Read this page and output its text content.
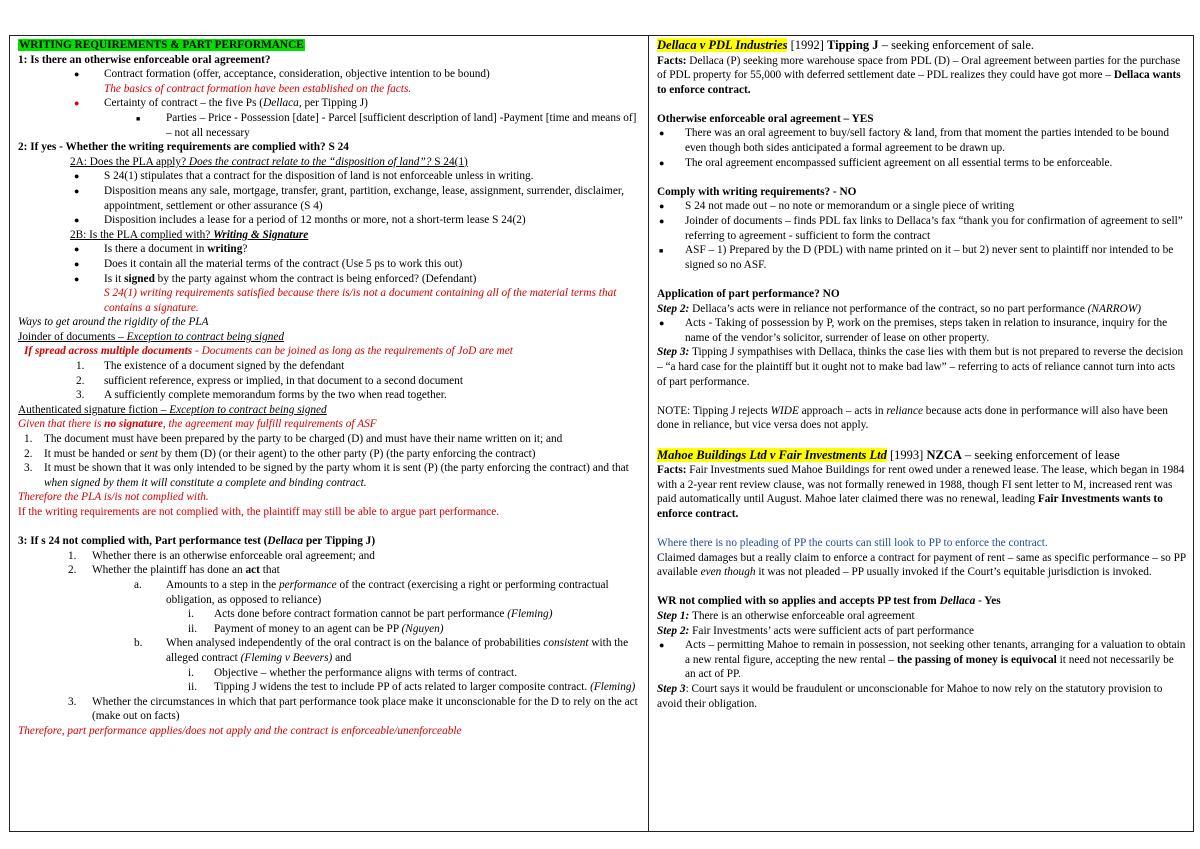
WRITING REQUIREMENTS & PART PERFORMANCE

1: Is there an otherwise enforceable oral agreement?

● Contract formation (offer, acceptance, consideration, objective intention to be bound)

The basics of contract formation have been established on the facts.

● Certainty of contract – the five Ps (Dellaca, per Tipping J)

■ Parties – Price - Possession [date] - Parcel [sufficient description of land] -Payment [time and means of] – not all necessary

2: If yes - Whether the writing requirements are complied with? S 24

2A: Does the PLA apply? Does the contract relate to the “disposition of land”? S 24(1)

● S 24(1) stipulates that a contract for the disposition of land is not enforceable unless in writing.

● Disposition means any sale, mortgage, transfer, grant, partition, exchange, lease, assignment, surrender, disclaimer, appointment, settlement or other assurance (S 4)

● Disposition includes a lease for a period of 12 months or more, not a short-term lease S 24(2)

2B: Is the PLA complied with? Writing & Signature

● Is there a document in writing?

● Does it contain all the material terms of the contract (Use 5 ps to work this out)

● Is it signed by the party against whom the contract is being enforced? (Defendant)

S 24(1) writing requirements satisfied because there is/is not a document containing all of the material terms that contains a signature.

Ways to get around the rigidity of the PLA

Joinder of documents – Exception to contract being signed

If spread across multiple documents - Documents can be joined as long as the requirements of JoD are met

1. The existence of a document signed by the defendant

2. sufficient reference, express or implied, in that document to a second document

3. A sufficiently complete memorandum forms by the two when read together.

Authenticated signature fiction – Exception to contract being signed

Given that there is no signature, the agreement may fulfill requirements of ASF

1. The document must have been prepared by the party to be charged (D) and must have their name written on it; and

2. It must be handed or sent by them (D) (or their agent) to the other party (P) (the party enforcing the contract)

3. It must be shown that it was only intended to be signed by the party whom it is sent (P) (the party enforcing the contract) and that when signed by them it will constitute a complete and binding contract.

Therefore the PLA is/is not complied with.

If the writing requirements are not complied with, the plaintiff may still be able to argue part performance.

3: If s 24 not complied with, Part performance test (Dellaca per Tipping J)

1. Whether there is an otherwise enforceable oral agreement; and

2. Whether the plaintiff has done an act that

a. Amounts to a step in the performance of the contract (exercising a right or performing contractual obligation, as opposed to reliance)

i. Acts done before contract formation cannot be part performance (Fleming)

ii. Payment of money to an agent can be PP (Nguyen)

b. When analysed independently of the oral contract is on the balance of probabilities consistent with the alleged contract (Fleming v Beevers) and

i. Objective – whether the performance aligns with terms of contract.

ii. Tipping J widens the test to include PP of acts related to larger composite contract. (Fleming)

3. Whether the circumstances in which that part performance took place make it unconscionable for the D to rely on the act (make out on facts)

Therefore, part performance applies/does not apply and the contract is enforceable/unenforceable

Dellaca v PDL Industries [1992] Tipping J – seeking enforcement of sale.

Facts: Dellaca (P) seeking more warehouse space from PDL (D) – Oral agreement between parties for the purchase of PDL property for 55,000 with deferred settlement date – PDL realizes they could have got more – Dellaca wants to enforce contract.

Otherwise enforceable oral agreement – YES

● There was an oral agreement to buy/sell factory & land, from that moment the parties intended to be bound even though both sides anticipated a formal agreement to be drawn up.

● The oral agreement encompassed sufficient agreement on all essential terms to be enforceable.

Comply with writing requirements? - NO

● S 24 not made out – no note or memorandum or a single piece of writing

● Joinder of documents – finds PDL fax links to Dellaca’s fax “thank you for confirmation of agreement to sell” referring to agreement - sufficient to form the contract

■ ASF – 1) Prepared by the D (PDL) with name printed on it – but 2) never sent to plaintiff nor intended to be signed so no ASF.

Application of part performance? NO

Step 2: Dellaca’s acts were in reliance not performance of the contract, so no part performance (NARROW)

● Acts - Taking of possession by P, work on the premises, steps taken in relation to insurance, inquiry for the name of the vendor’s solicitor, surrender of lease on other property.

Step 3: Tipping J sympathises with Dellaca, thinks the case lies with them but is not prepared to reverse the decision – “a hard case for the plaintiff but it ought not to make bad law” – referring to acts of reliance cannot turn into acts of part performance.

NOTE: Tipping J rejects WIDE approach – acts in reliance because acts done in performance will also have been done in reliance, but vice versa does not apply.

Mahoe Buildings Ltd v Fair Investments Ltd [1993] NZCA – seeking enforcement of lease

Facts: Fair Investments sued Mahoe Buildings for rent owed under a renewed lease. The lease, which began in 1984 with a 2-year rent review clause, was not formally renewed in 1988, though FI sent letter to M, increased rent was paid automatically until August. Mahoe later claimed there was no renewal, leading Fair Investments wants to enforce contract.

Where there is no pleading of PP the courts can still look to PP to enforce the contract.

Claimed damages but a really claim to enforce a contract for payment of rent – same as specific performance – so PP available even though it was not pleaded – PP usually invoked if the Court’s equitable jurisdiction is invoked.

WR not complied with so applies and accepts PP test from Dellaca - Yes

Step 1: There is an otherwise enforceable oral agreement

Step 2: Fair Investments’ acts were sufficient acts of part performance

● Acts – permitting Mahoe to remain in possession, not seeking other tenants, arranging for a valuation to obtain a new rental figure, accepting the new rental – the passing of money is equivocal it need not necessarily be an act of PP.

Step 3: Court says it would be fraudulent or unconscionable for Mahoe to now rely on the statutory provision to avoid their obligation.
